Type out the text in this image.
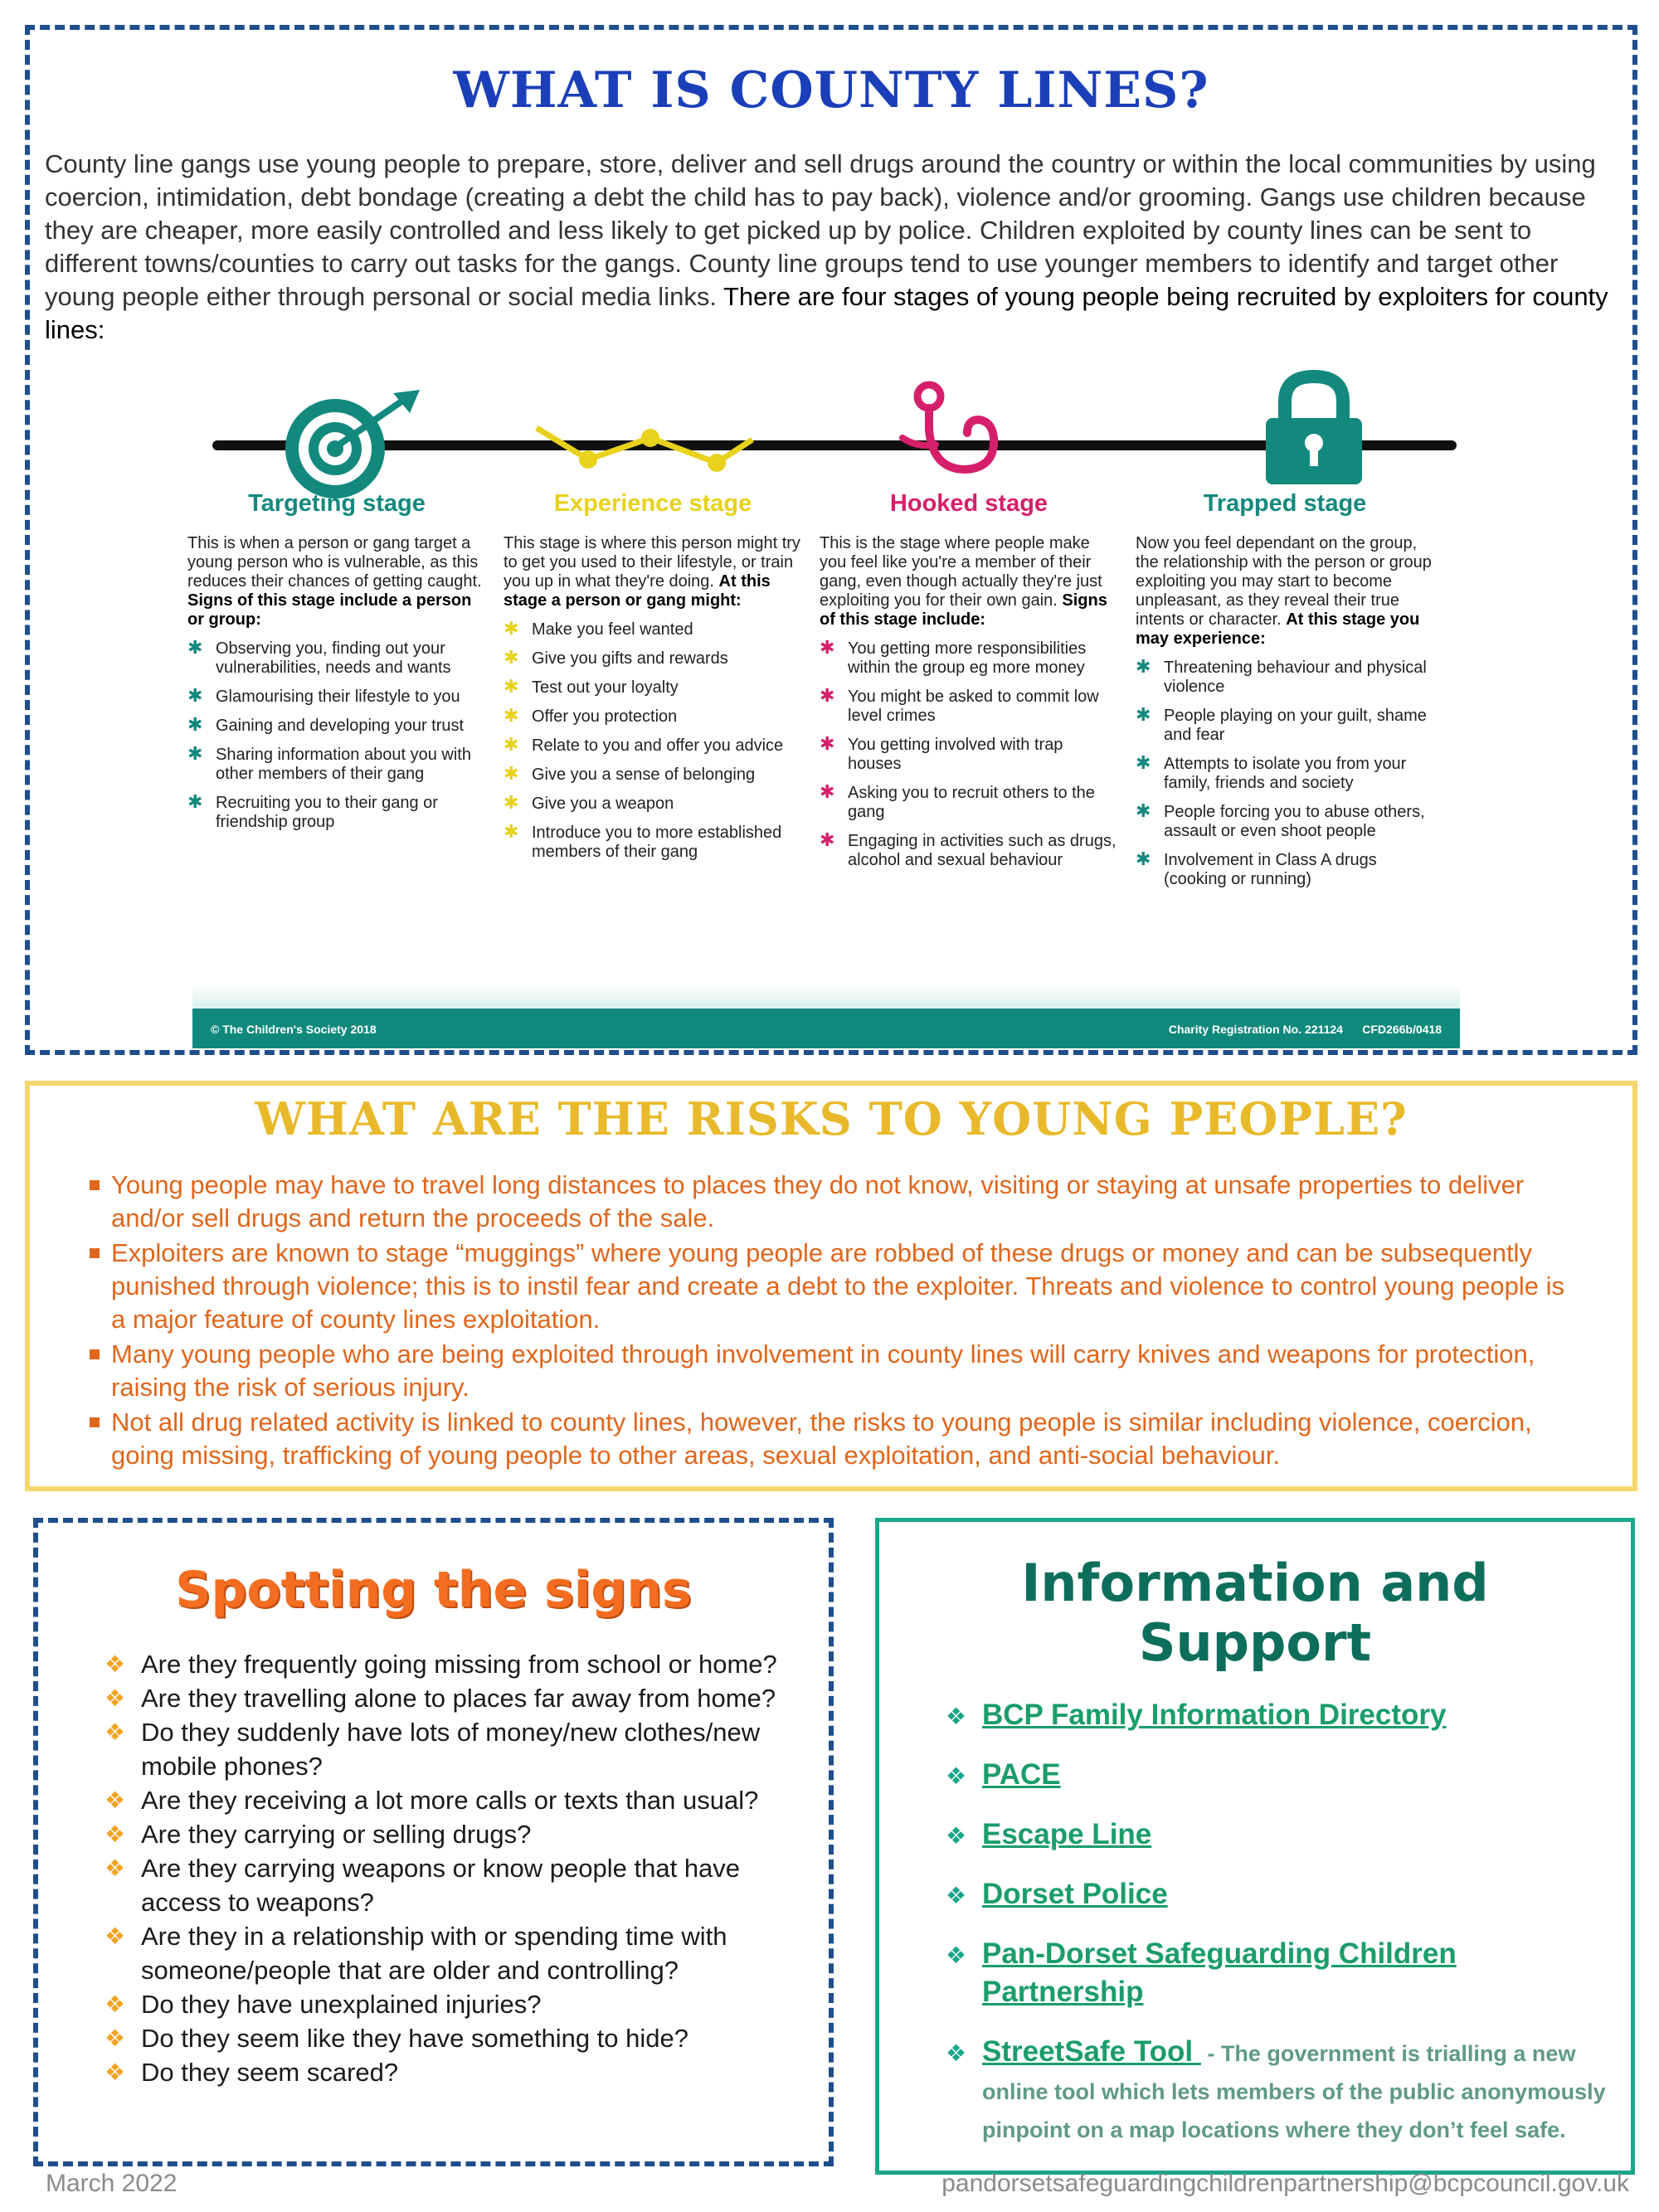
WHAT IS COUNTY LINES?
County line gangs use young people to prepare, store, deliver and sell drugs around the country or within the local communities by using coercion, intimidation, debt bondage (creating a debt the child has to pay back), violence and/or grooming. Gangs use children because they are cheaper, more easily controlled and less likely to get picked up by police. Children exploited by county lines can be sent to different towns/counties to carry out tasks for the gangs. County line groups tend to use younger members to identify and target other young people either through personal or social media links. There are four stages of young people being recruited by exploiters for county lines:
Targeting stage
This is when a person or gang target a young person who is vulnerable, as this reduces their chances of getting caught. Signs of this stage include a person or group:
✱ Observing you, finding out your vulnerabilities, needs and wants
✱ Glamourising their lifestyle to you
✱ Gaining and developing your trust
✱ Sharing information about you with other members of their gang
✱ Recruiting you to their gang or friendship group
Experience stage
This stage is where this person might try to get you used to their lifestyle, or train you up in what they're doing. At this stage a person or gang might:
✱ Make you feel wanted
✱ Give you gifts and rewards
✱ Test out your loyalty
✱ Offer you protection
✱ Relate to you and offer you advice
✱ Give you a sense of belonging
✱ Give you a weapon
✱ Introduce you to more established members of their gang
Hooked stage
This is the stage where people make you feel like you're a member of their gang, even though actually they're just exploiting you for their own gain. Signs of this stage include:
✱ You getting more responsibilities within the group eg more money
✱ You might be asked to commit low level crimes
✱ You getting involved with trap houses
✱ Asking you to recruit others to the gang
✱ Engaging in activities such as drugs, alcohol and sexual behaviour
Trapped stage
Now you feel dependant on the group, the relationship with the person or group exploiting you may start to become unpleasant, as they reveal their true intents or character. At this stage you may experience:
✱ Threatening behaviour and physical violence
✱ People playing on your guilt, shame and fear
✱ Attempts to isolate you from your family, friends and society
✱ People forcing you to abuse others, assault or even shoot people
✱ Involvement in Class A drugs (cooking or running)
© The Children's Society 2018	Charity Registration No. 221124      CFD266b/0418
WHAT ARE THE RISKS TO YOUNG PEOPLE?
Young people may have to travel long distances to places they do not know, visiting or staying at unsafe properties to deliver and/or sell drugs and return the proceeds of the sale.
Exploiters are known to stage “muggings” where young people are robbed of these drugs or money and can be subsequently punished through violence; this is to instil fear and create a debt to the exploiter. Threats and violence to control young people is a major feature of county lines exploitation.
Many young people who are being exploited through involvement in county lines will carry knives and weapons for protection, raising the risk of serious injury.
Not all drug related activity is linked to county lines, however, the risks to young people is similar including violence, coercion, going missing, trafficking of young people to other areas, sexual exploitation, and anti-social behaviour.
Spotting the signs
❖ Are they frequently going missing from school or home?
❖ Are they travelling alone to places far away from home?
❖ Do they suddenly have lots of money/new clothes/new mobile phones?
❖ Are they receiving a lot more calls or texts than usual?
❖ Are they carrying or selling drugs?
❖ Are they carrying weapons or know people that have access to weapons?
❖ Are they in a relationship with or spending time with someone/people that are older and controlling?
❖ Do they have unexplained injuries?
❖ Do they seem like they have something to hide?
❖ Do they seem scared?
Information and Support
❖ BCP Family Information Directory
❖ PACE
❖ Escape Line
❖ Dorset Police
❖ Pan-Dorset Safeguarding Children Partnership
❖ StreetSafe Tool  - The government is trialling a new online tool which lets members of the public anonymously pinpoint on a map locations where they don’t feel safe.
March 2022	pandorsetsafeguardingchildrenpartnership@bcpcouncil.gov.uk
